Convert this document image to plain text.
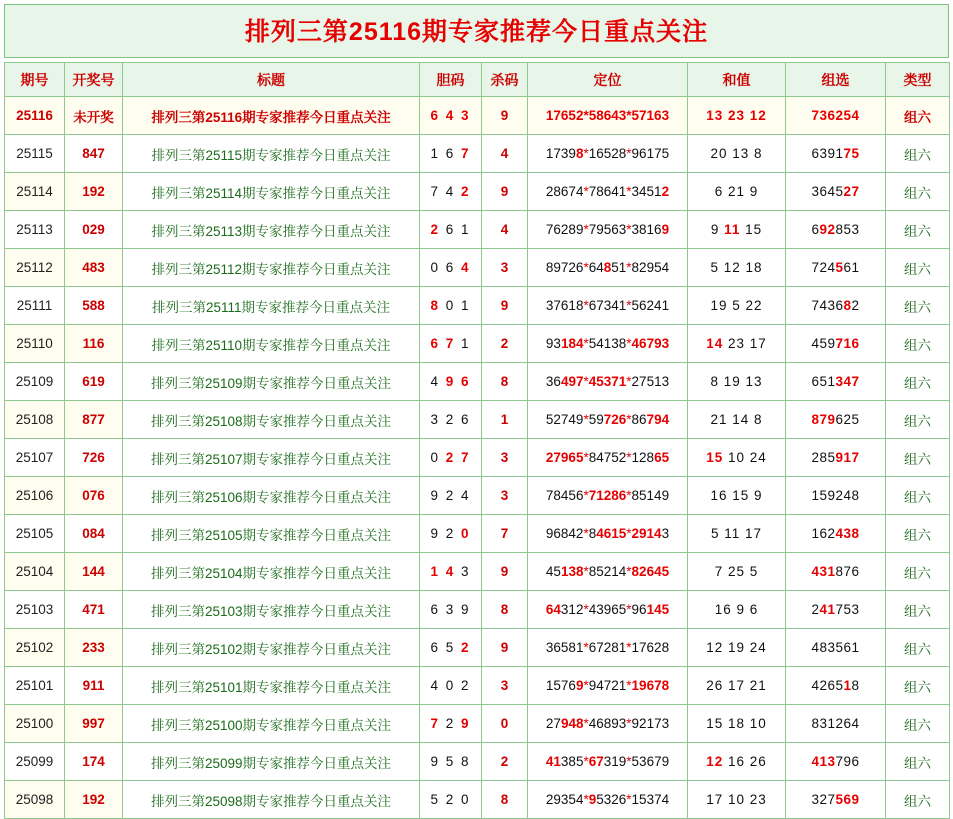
排列三第25116期专家推荐今日重点关注
期号	开奖号	标题	胆码	杀码	定位	和值	组选	类型
25116	未开奖	排列三第25116期专家推荐今日重点关注	6 4 3	9	17652*58643*57163	13 23 12	736254	组六
25115	847	排列三第25115期专家推荐今日重点关注	1 6 7	4	17398*16528*96175	20 13 8	639175	组六
25114	192	排列三第25114期专家推荐今日重点关注	7 4 2	9	28674*78641*34512	6 21 9	364527	组六
25113	029	排列三第25113期专家推荐今日重点关注	2 6 1	4	76289*79563*38169	9 11 15	692853	组六
25112	483	排列三第25112期专家推荐今日重点关注	0 6 4	3	89726*64851*82954	5 12 18	724561	组六
25111	588	排列三第25111期专家推荐今日重点关注	8 0 1	9	37618*67341*56241	19 5 22	743682	组六
25110	116	排列三第25110期专家推荐今日重点关注	6 7 1	2	93184*54138*46793	14 23 17	459716	组六
25109	619	排列三第25109期专家推荐今日重点关注	4 9 6	8	36497*45371*27513	8 19 13	651347	组六
25108	877	排列三第25108期专家推荐今日重点关注	3 2 6	1	52749*59726*86794	21 14 8	879625	组六
25107	726	排列三第25107期专家推荐今日重点关注	0 2 7	3	27965*84752*12865	15 10 24	285917	组六
25106	076	排列三第25106期专家推荐今日重点关注	9 2 4	3	78456*71286*85149	16 15 9	159248	组六
25105	084	排列三第25105期专家推荐今日重点关注	9 2 0	7	96842*84615*29143	5 11 17	162438	组六
25104	144	排列三第25104期专家推荐今日重点关注	1 4 3	9	45138*85214*82645	7 25 5	431876	组六
25103	471	排列三第25103期专家推荐今日重点关注	6 3 9	8	64312*43965*96145	16 9 6	241753	组六
25102	233	排列三第25102期专家推荐今日重点关注	6 5 2	9	36581*67281*17628	12 19 24	483561	组六
25101	911	排列三第25101期专家推荐今日重点关注	4 0 2	3	15769*94721*19678	26 17 21	426518	组六
25100	997	排列三第25100期专家推荐今日重点关注	7 2 9	0	27948*46893*92173	15 18 10	831264	组六
25099	174	排列三第25099期专家推荐今日重点关注	9 5 8	2	41385*67319*53679	12 16 26	413796	组六
25098	192	排列三第25098期专家推荐今日重点关注	5 2 0	8	29354*95326*15374	17 10 23	327569	组六
